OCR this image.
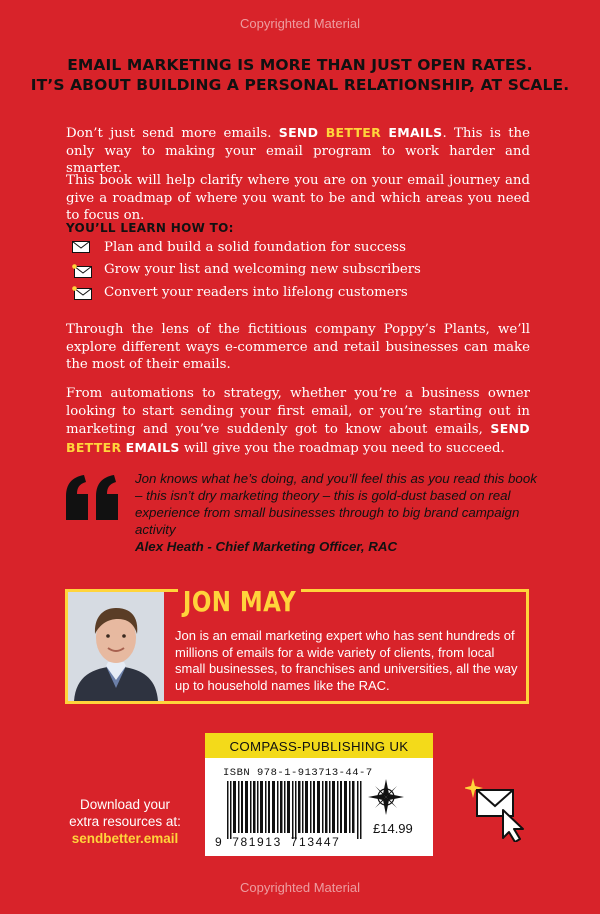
Copyrighted Material
EMAIL MARKETING IS MORE THAN JUST OPEN RATES.
IT’S ABOUT BUILDING A PERSONAL RELATIONSHIP, AT SCALE.
Don’t just send more emails. SEND BETTER EMAILS. This is the only way to making your email program to work harder and smarter.
This book will help clarify where you are on your email journey and give a roadmap of where you want to be and which areas you need to focus on.
YOU’LL LEARN HOW TO:
Plan and build a solid foundation for success
Grow your list and welcoming new subscribers
Convert your readers into lifelong customers
Through the lens of the fictitious company Poppy’s Plants, we’ll explore different ways e-commerce and retail businesses can make the most of their emails.
From automations to strategy, whether you’re a business owner looking to start sending your first email, or you’re starting out in marketing and you’ve suddenly got to know about emails, SEND BETTER EMAILS will give you the roadmap you need to succeed.
Jon knows what he’s doing, and you’ll feel this as you read this book – this isn’t dry marketing theory – this is gold-dust based on real experience from small businesses through to big brand campaign activity
Alex Heath - Chief Marketing Officer, RAC
JON MAY
Jon is an email marketing expert who has sent hundreds of millions of emails for a wide variety of clients, from local small businesses, to franchises and universities, all the way up to household names like the RAC.
COMPASS-PUBLISHING UK
ISBN 978-1-913713-44-7
9 781913 713447
£14.99
Download your
extra resources at:
sendbetter.email
Copyrighted Material
